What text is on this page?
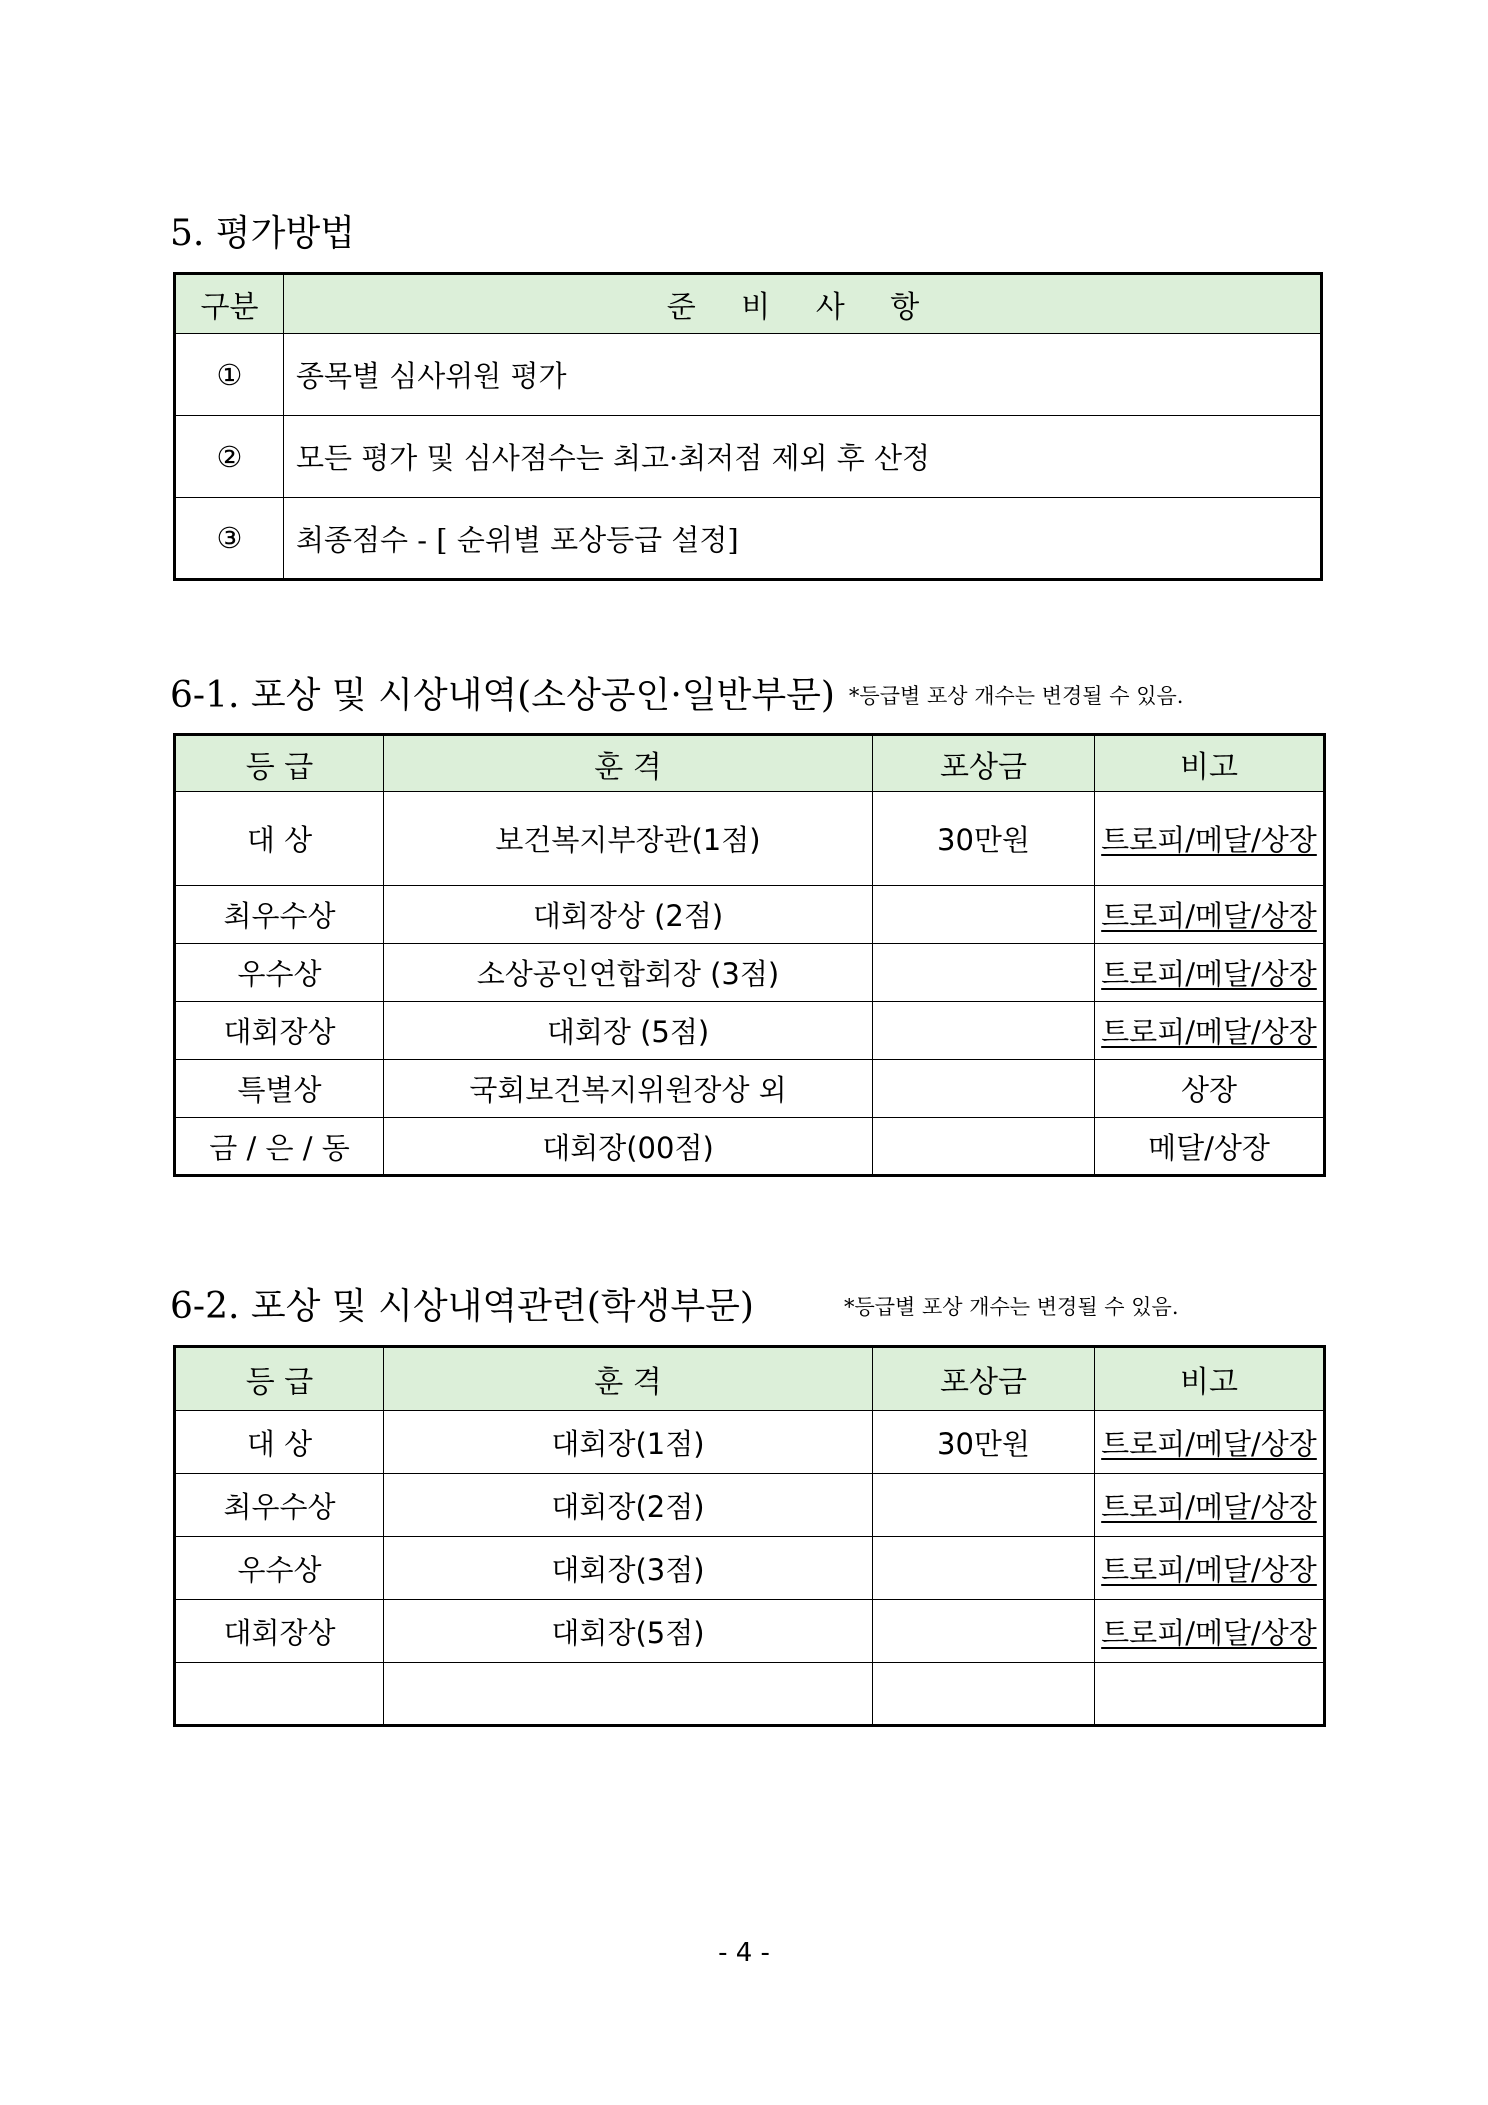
5. 평가방법
구분	준 비 사 항
①	종목별 심사위원 평가
②	모든 평가 및 심사점수는 최고·최저점 제외 후 산정
③	최종점수 - [ 순위별 포상등급 설정]
6-1. 포상 및 시상내역(소상공인·일반부문) *등급별 포상 개수는 변경될 수 있음.
등 급	훈 격	포상금	비고
대 상	보건복지부장관(1점)	30만원	트로피/메달/상장
최우수상	대회장상 (2점)		트로피/메달/상장
우수상	소상공인연합회장 (3점)		트로피/메달/상장
대회장상	대회장 (5점)		트로피/메달/상장
특별상	국회보건복지위원장상 외		상장
금 / 은 / 동	대회장(00점)		메달/상장
6-2. 포상 및 시상내역관련(학생부문)	*등급별 포상 개수는 변경될 수 있음.
등 급	훈 격	포상금	비고
대 상	대회장(1점)	30만원	트로피/메달/상장
최우수상	대회장(2점)		트로피/메달/상장
우수상	대회장(3점)		트로피/메달/상장
대회장상	대회장(5점)		트로피/메달/상장

- 4 -
